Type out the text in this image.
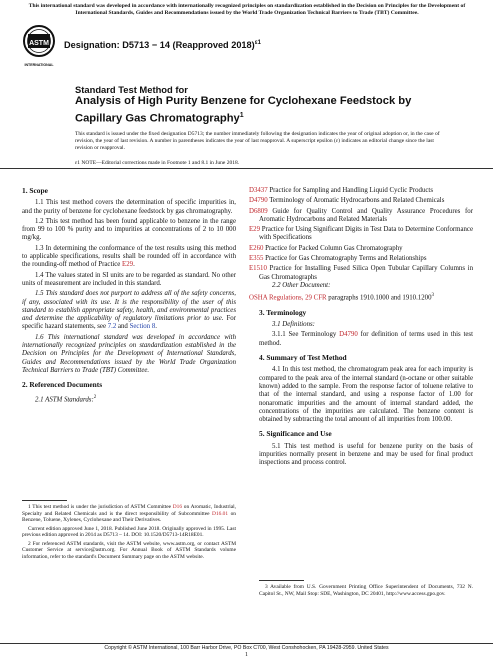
This international standard was developed in accordance with internationally recognized principles on standardization established in the Decision on Principles for the Development of International Standards, Guides and Recommendations issued by the World Trade Organization Technical Barriers to Trade (TBT) Committee.
ASTM
INTERNATIONAL
Designation: D5713 − 14 (Reapproved 2018)$^{\varepsilon 1}$
Standard Test Method for
Analysis of High Purity Benzene for Cyclohexane Feedstock by Capillary Gas Chromatography$^1$
This standard is issued under the fixed designation D5713; the number immediately following the designation indicates the year of original adoption or, in the case of revision, the year of last revision. A number in parentheses indicates the year of last reapproval. A superscript epsilon (ε) indicates an editorial change since the last revision or reapproval.
ε1 NOTE—Editorial corrections made in Footnote 1 and 8.1 in June 2018.
1. Scope

1.1 This test method covers the determination of specific impurities in, and the purity of benzene for cyclohexane feedstock by gas chromatography.

1.2 This test method has been found applicable to benzene in the range from 99 to 100 % purity and to impurities at concentrations of 2 to 10 000 mg/kg.

1.3 In determining the conformance of the test results using this method to applicable specifications, results shall be rounded off in accordance with the rounding-off method of Practice E29.

1.4 The values stated in SI units are to be regarded as standard. No other units of measurement are included in this standard.

1.5 This standard does not purport to address all of the safety concerns, if any, associated with its use. It is the responsibility of the user of this standard to establish appropriate safety, health, and environmental practices and determine the applicability of regulatory limitations prior to use. For specific hazard statements, see 7.2 and Section 8.

1.6 This international standard was developed in accordance with internationally recognized principles on standardization established in the Decision on Principles for the Development of International Standards, Guides and Recommendations issued by the World Trade Organization Technical Barriers to Trade (TBT) Committee.

2. Referenced Documents

2.1 ASTM Standards:$^2$

1 This test method is under the jurisdiction of ASTM Committee D16 on Aromatic, Industrial, Specialty and Related Chemicals and is the direct responsibility of Subcommittee D16.01 on Benzene, Toluene, Xylenes, Cyclohexane and Their Derivatives.

Current edition approved June 1, 2018. Published June 2018. Originally approved in 1995. Last previous edition approved in 2014 as D5713 – 14. DOI: 10.1520/D5713-14R18E01.

2 For referenced ASTM standards, visit the ASTM website, www.astm.org, or contact ASTM Customer Service at service@astm.org. For Annual Book of ASTM Standards volume information, refer to the standard's Document Summary page on the ASTM website.

D3437 Practice for Sampling and Handling Liquid Cyclic Products

D4790 Terminology of Aromatic Hydrocarbons and Related Chemicals

D6809 Guide for Quality Control and Quality Assurance Procedures for Aromatic Hydrocarbons and Related Materials

E29 Practice for Using Significant Digits in Test Data to Determine Conformance with Specifications

E260 Practice for Packed Column Gas Chromatography

E355 Practice for Gas Chromatography Terms and Relationships

E1510 Practice for Installing Fused Silica Open Tubular Capillary Columns in Gas Chromatographs

2.2 Other Document:

OSHA Regulations, 29 CFR paragraphs 1910.1000 and 1910.1200$^3$

3. Terminology

3.1 Definitions:

3.1.1 See Terminology D4790 for definition of terms used in this test method.

4. Summary of Test Method

4.1 In this test method, the chromatogram peak area for each impurity is compared to the peak area of the internal standard (n-octane or other suitable known) added to the sample. From the response factor of toluene relative to that of the internal standard, and using a response factor of 1.00 for nonaromatic impurities and the amount of internal standard added, the concentrations of the impurities are calculated. The benzene content is obtained by subtracting the total amount of all impurities from 100.00.

5. Significance and Use

5.1 This test method is useful for benzene purity on the basis of impurities normally present in benzene and may be used for final product inspections and process control.

3 Available from U.S. Government Printing Office Superintendent of Documents, 732 N. Capitol St., NW, Mail Stop: SDE, Washington, DC 20401, http://www.access.gpo.gov.

Copyright © ASTM International, 100 Barr Harbor Drive, PO Box C700, West Conshohocken, PA 19428-2959. United States
1
